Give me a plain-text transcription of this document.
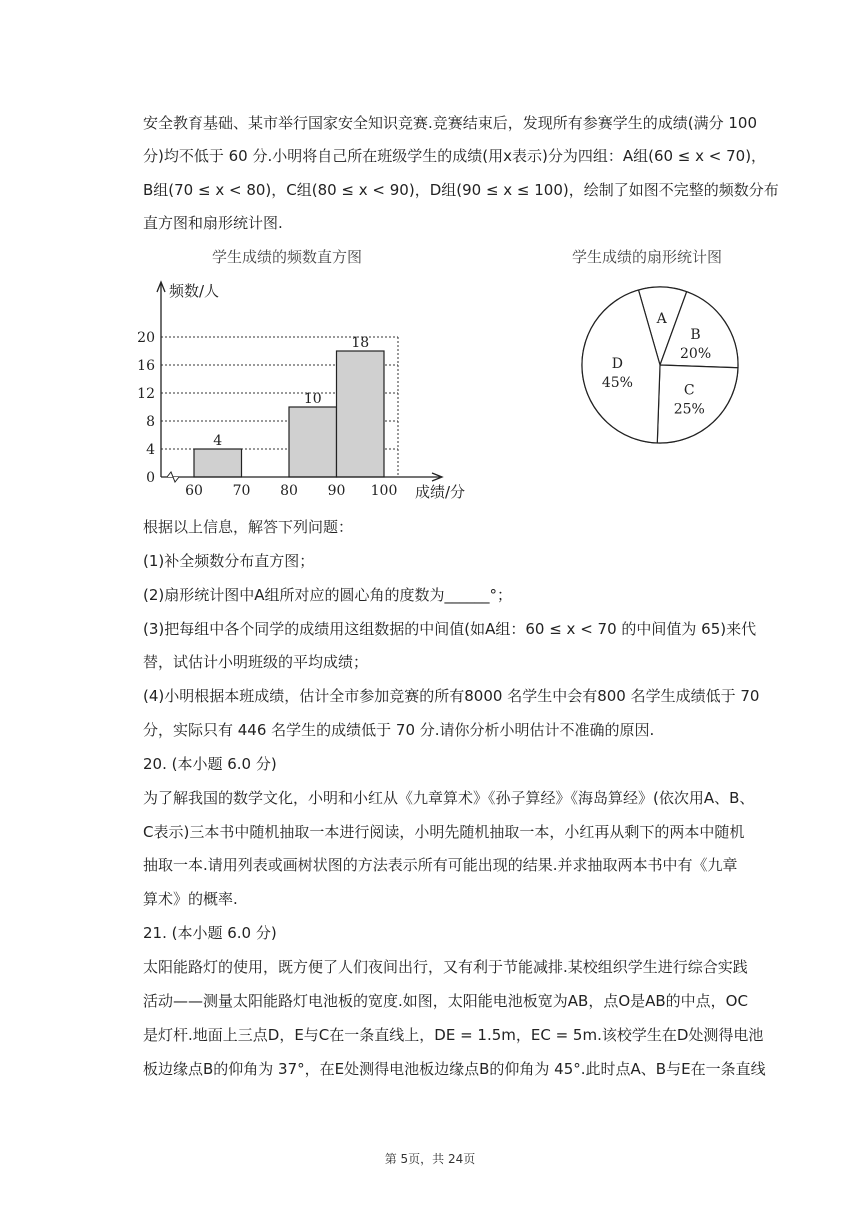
安全教育基础、某市举行国家安全知识竞赛.竞赛结束后，发现所有参赛学生的成绩(满分 100
分)均不低于 60 分.小明将自己所在班级学生的成绩(用x表示)分为四组：A组(60 ≤ x < 70)，
B组(70 ≤ x < 80)，C组(80 ≤ x < 90)，D组(90 ≤ x ≤ 100)，绘制了如图不完整的频数分布
直方图和扇形统计图.
学生成绩的频数直方图	学生成绩的扇形统计图
4
10
18
0
4
8
12
16
20
60 70 80 90 100
频数/人
成绩/分
A
B
20%
C
25%
D
45%
根据以上信息，解答下列问题：
(1)补全频数分布直方图；
(2)扇形统计图中A组所对应的圆心角的度数为______°；
(3)把每组中各个同学的成绩用这组数据的中间值(如A组：60 ≤ x < 70 的中间值为 65)来代
替，试估计小明班级的平均成绩；
(4)小明根据本班成绩，估计全市参加竞赛的所有8000 名学生中会有800 名学生成绩低于 70
分，实际只有 446 名学生的成绩低于 70 分.请你分析小明估计不准确的原因.
20. (本小题 6.0 分)
为了解我国的数学文化，小明和小红从《九章算术》《孙子算经》《海岛算经》(依次用A、B、
C表示)三本书中随机抽取一本进行阅读，小明先随机抽取一本，小红再从剩下的两本中随机
抽取一本.请用列表或画树状图的方法表示所有可能出现的结果.并求抽取两本书中有《九章
算术》的概率.
21. (本小题 6.0 分)
太阳能路灯的使用，既方便了人们夜间出行，又有利于节能减排.某校组织学生进行综合实践
活动——测量太阳能路灯电池板的宽度.如图，太阳能电池板宽为AB，点O是AB的中点，OC
是灯杆.地面上三点D，E与C在一条直线上，DE = 1.5m，EC = 5m.该校学生在D处测得电池
板边缘点B的仰角为 37°，在E处测得电池板边缘点B的仰角为 45°.此时点A、B与E在一条直线
第 5页，共 24页
